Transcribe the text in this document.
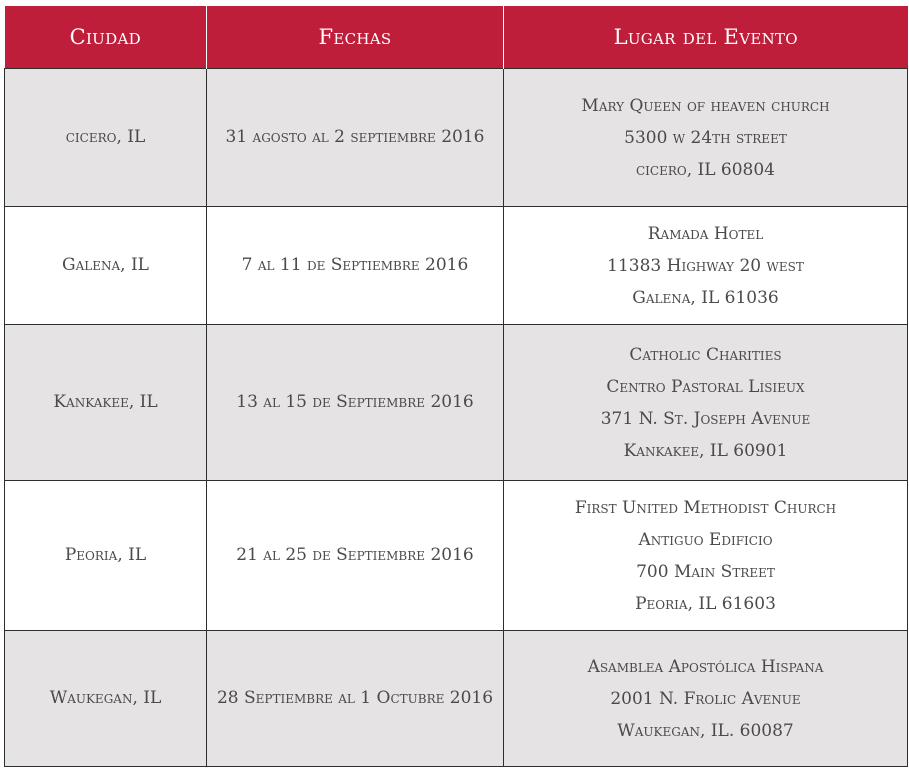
Ciudad	Fechas	Lugar del Evento
cicero, IL	31 agosto al 2 septiembre 2016	Mary Queen of heaven church
5300 w 24th street
cicero, IL 60804

Galena, IL	7 al 11 de Septiembre 2016	Ramada Hotel
11383 Highway 20 west
Galena, IL 61036

Kankakee, IL	13 al 15 de Septiembre 2016	Catholic Charities
Centro Pastoral Lisieux
371 N. St. Joseph Avenue
Kankakee, IL 60901

Peoria, IL	21 al 25 de Septiembre 2016	First United Methodist Church
Antiguo Edificio
700 Main Street
Peoria, IL 61603

Waukegan, IL	28 Septiembre al 1 Octubre 2016	Asamblea Apostólica Hispana
2001 N. Frolic Avenue
Waukegan, IL. 60087
